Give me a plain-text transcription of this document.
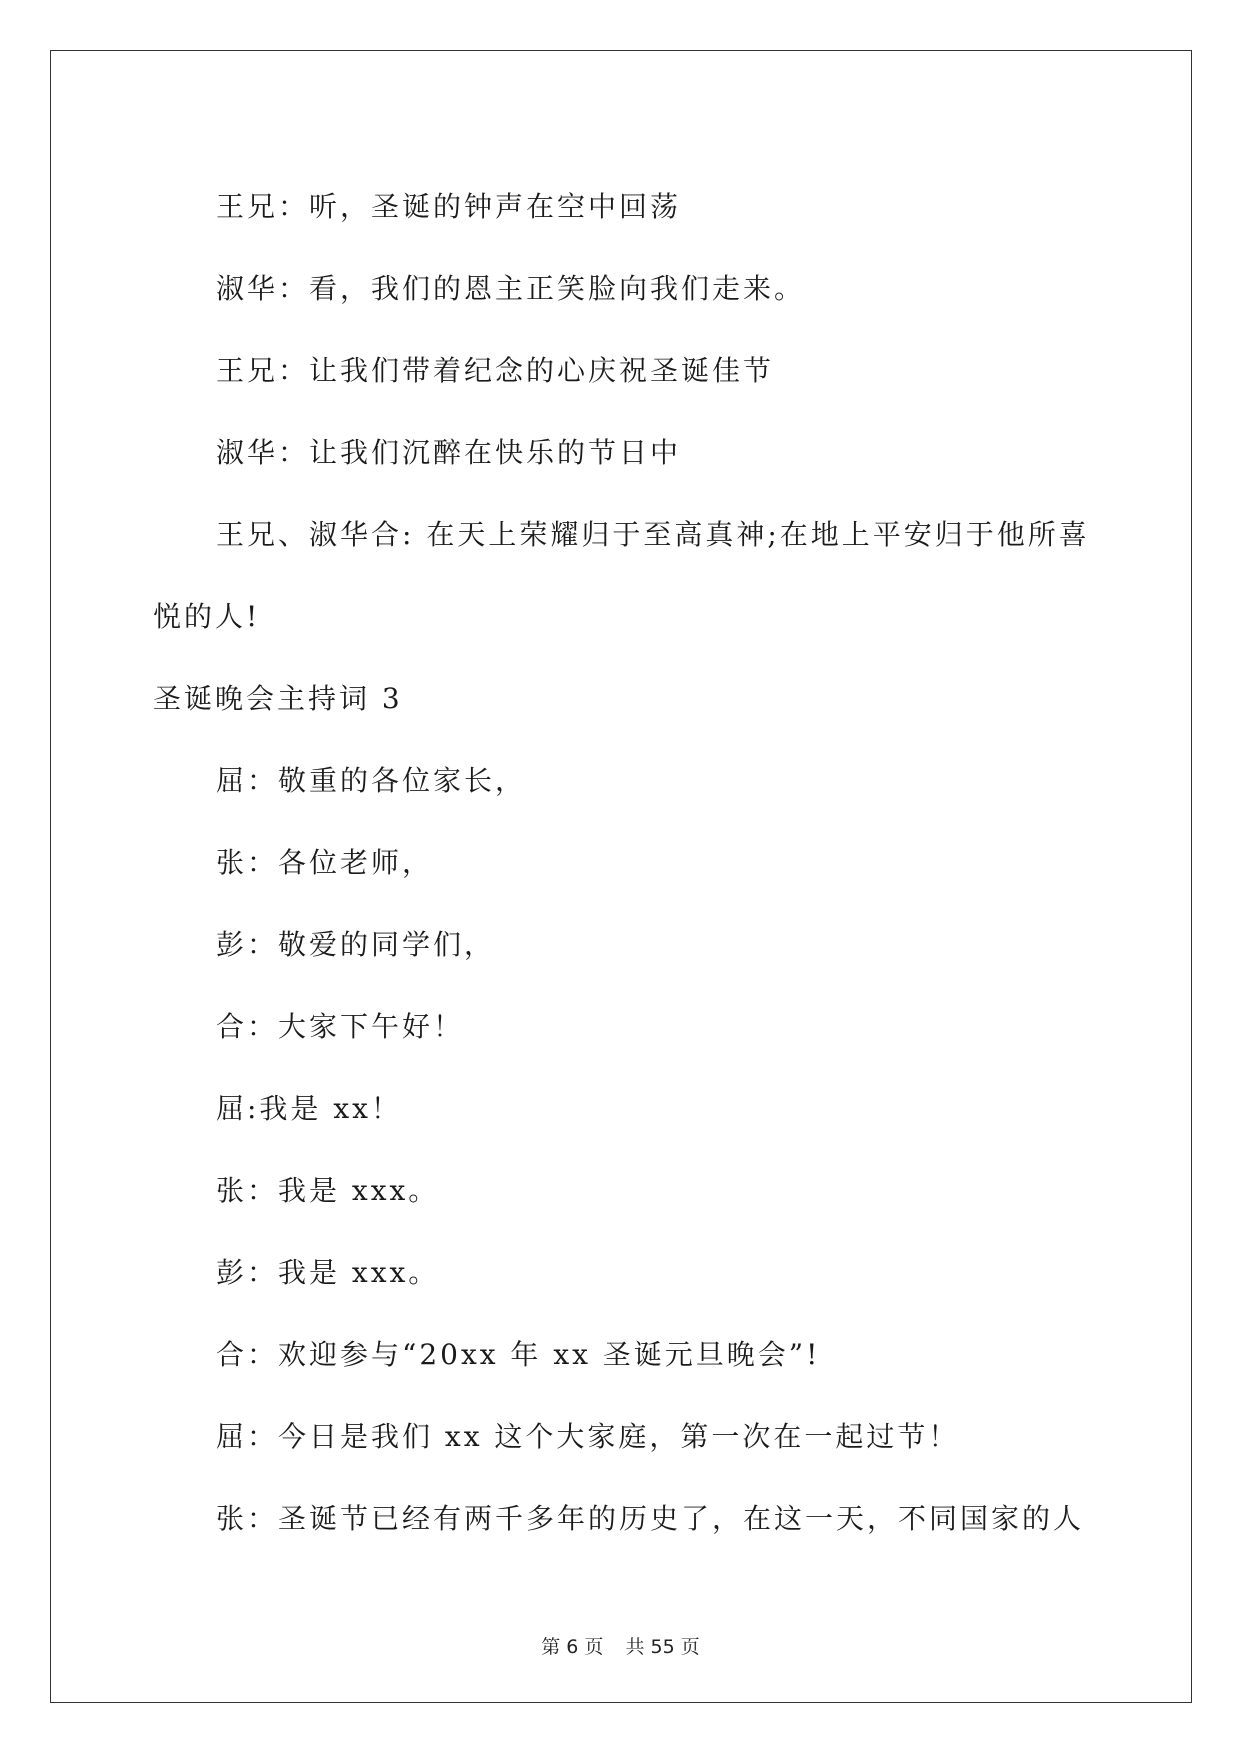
王兄：听，圣诞的钟声在空中回荡
淑华：看，我们的恩主正笑脸向我们走来。
王兄：让我们带着纪念的心庆祝圣诞佳节
淑华：让我们沉醉在快乐的节日中
王兄、淑华合: 在天上荣耀归于至高真神;在地上平安归于他所喜
悦的人!
圣诞晚会主持词 3
屈：敬重的各位家长，
张：各位老师，
彭：敬爱的同学们，
合：大家下午好！
屈:我是 xx！
张：我是 xxx。
彭：我是 xxx。
合：欢迎参与“20xx 年 xx 圣诞元旦晚会”!
屈：今日是我们 xx 这个大家庭，第一次在一起过节！
张：圣诞节已经有两千多年的历史了，在这一天，不同国家的人
第 6 页 共 55 页
